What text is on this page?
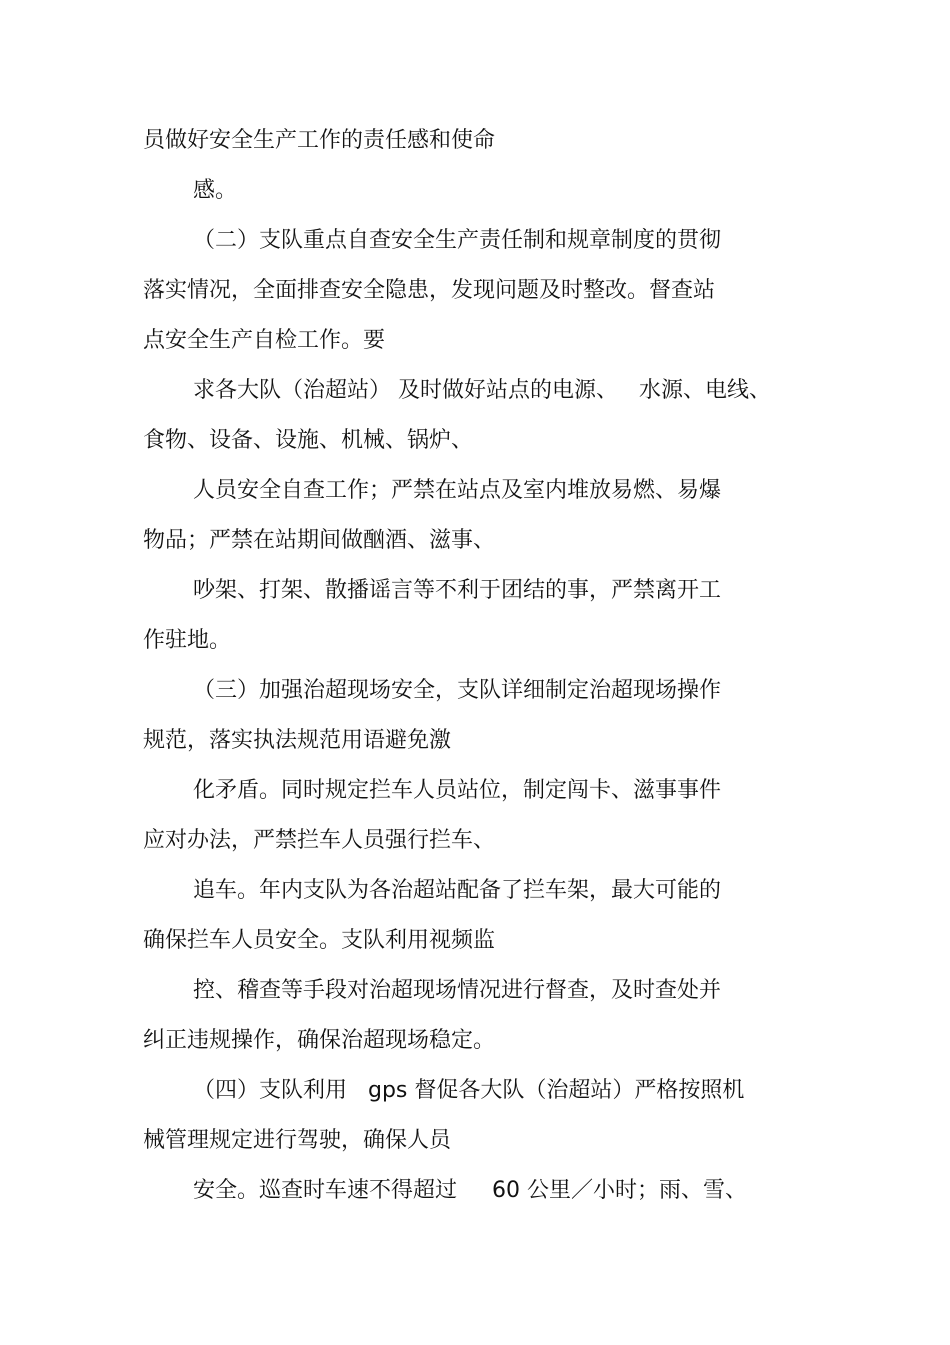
员做好安全生产工作的责任感和使命
感。
（二）支队重点自查安全生产责任制和规章制度的贯彻
落实情况，全面排查安全隐患，发现问题及时整改。督查站
点安全生产自检工作。要
求各大队（治超站） 及时做好站点的电源、   水源、电线、
食物、设备、设施、机械、锅炉、
人员安全自查工作；严禁在站点及室内堆放易燃、易爆
物品；严禁在站期间做酗酒、滋事、
吵架、打架、散播谣言等不利于团结的事，严禁离开工
作驻地。
（三）加强治超现场安全，支队详细制定治超现场操作
规范，落实执法规范用语避免激
化矛盾。同时规定拦车人员站位，制定闯卡、滋事事件
应对办法，严禁拦车人员强行拦车、
追车。年内支队为各治超站配备了拦车架，最大可能的
确保拦车人员安全。支队利用视频监
控、稽查等手段对治超现场情况进行督查，及时查处并
纠正违规操作，确保治超现场稳定。
（四）支队利用   gps 督促各大队（治超站）严格按照机
械管理规定进行驾驶，确保人员
安全。巡查时车速不得超过     60 公里／小时；雨、雪、
